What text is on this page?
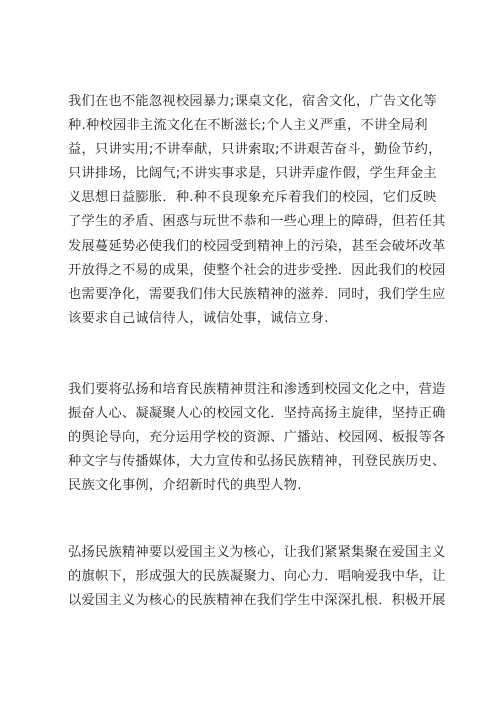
我们在也不能忽视校园暴力;课桌文化，宿舍文化，广告文化等
种.种校园非主流文化在不断滋长;个人主义严重，不讲全局利
益，只讲实用;不讲奉献，只讲索取;不讲艰苦奋斗，勤俭节约，
只讲排场，比阔气;不讲实事求是，只讲弄虚作假，学生拜金主
义思想日益膨胀．种.种不良现象充斥着我们的校园，它们反映
了学生的矛盾、困惑与玩世不恭和一些心理上的障碍，但若任其
发展蔓延势必使我们的校园受到精神上的污染，甚至会破坏改革
开放得之不易的成果，使整个社会的进步受挫．因此我们的校园
也需要净化，需要我们伟大民族精神的滋养．同时，我们学生应
该要求自己诚信待人，诚信处事，诚信立身.
我们要将弘扬和培育民族精神贯注和渗透到校园文化之中，营造
振奋人心、凝凝聚人心的校园文化．坚持高扬主旋律，坚持正确
的舆论导向，充分运用学校的资源、广播站、校园网、板报等各
种文字与传播媒体，大力宣传和弘扬民族精神，刊登民族历史、
民族文化事例，介绍新时代的典型人物.
弘扬民族精神要以爱国主义为核心，让我们紧紧集聚在爱国主义
的旗帜下，形成强大的民族凝聚力、向心力．唱响爱我中华，让
以爱国主义为核心的民族精神在我们学生中深深扎根．积极开展
